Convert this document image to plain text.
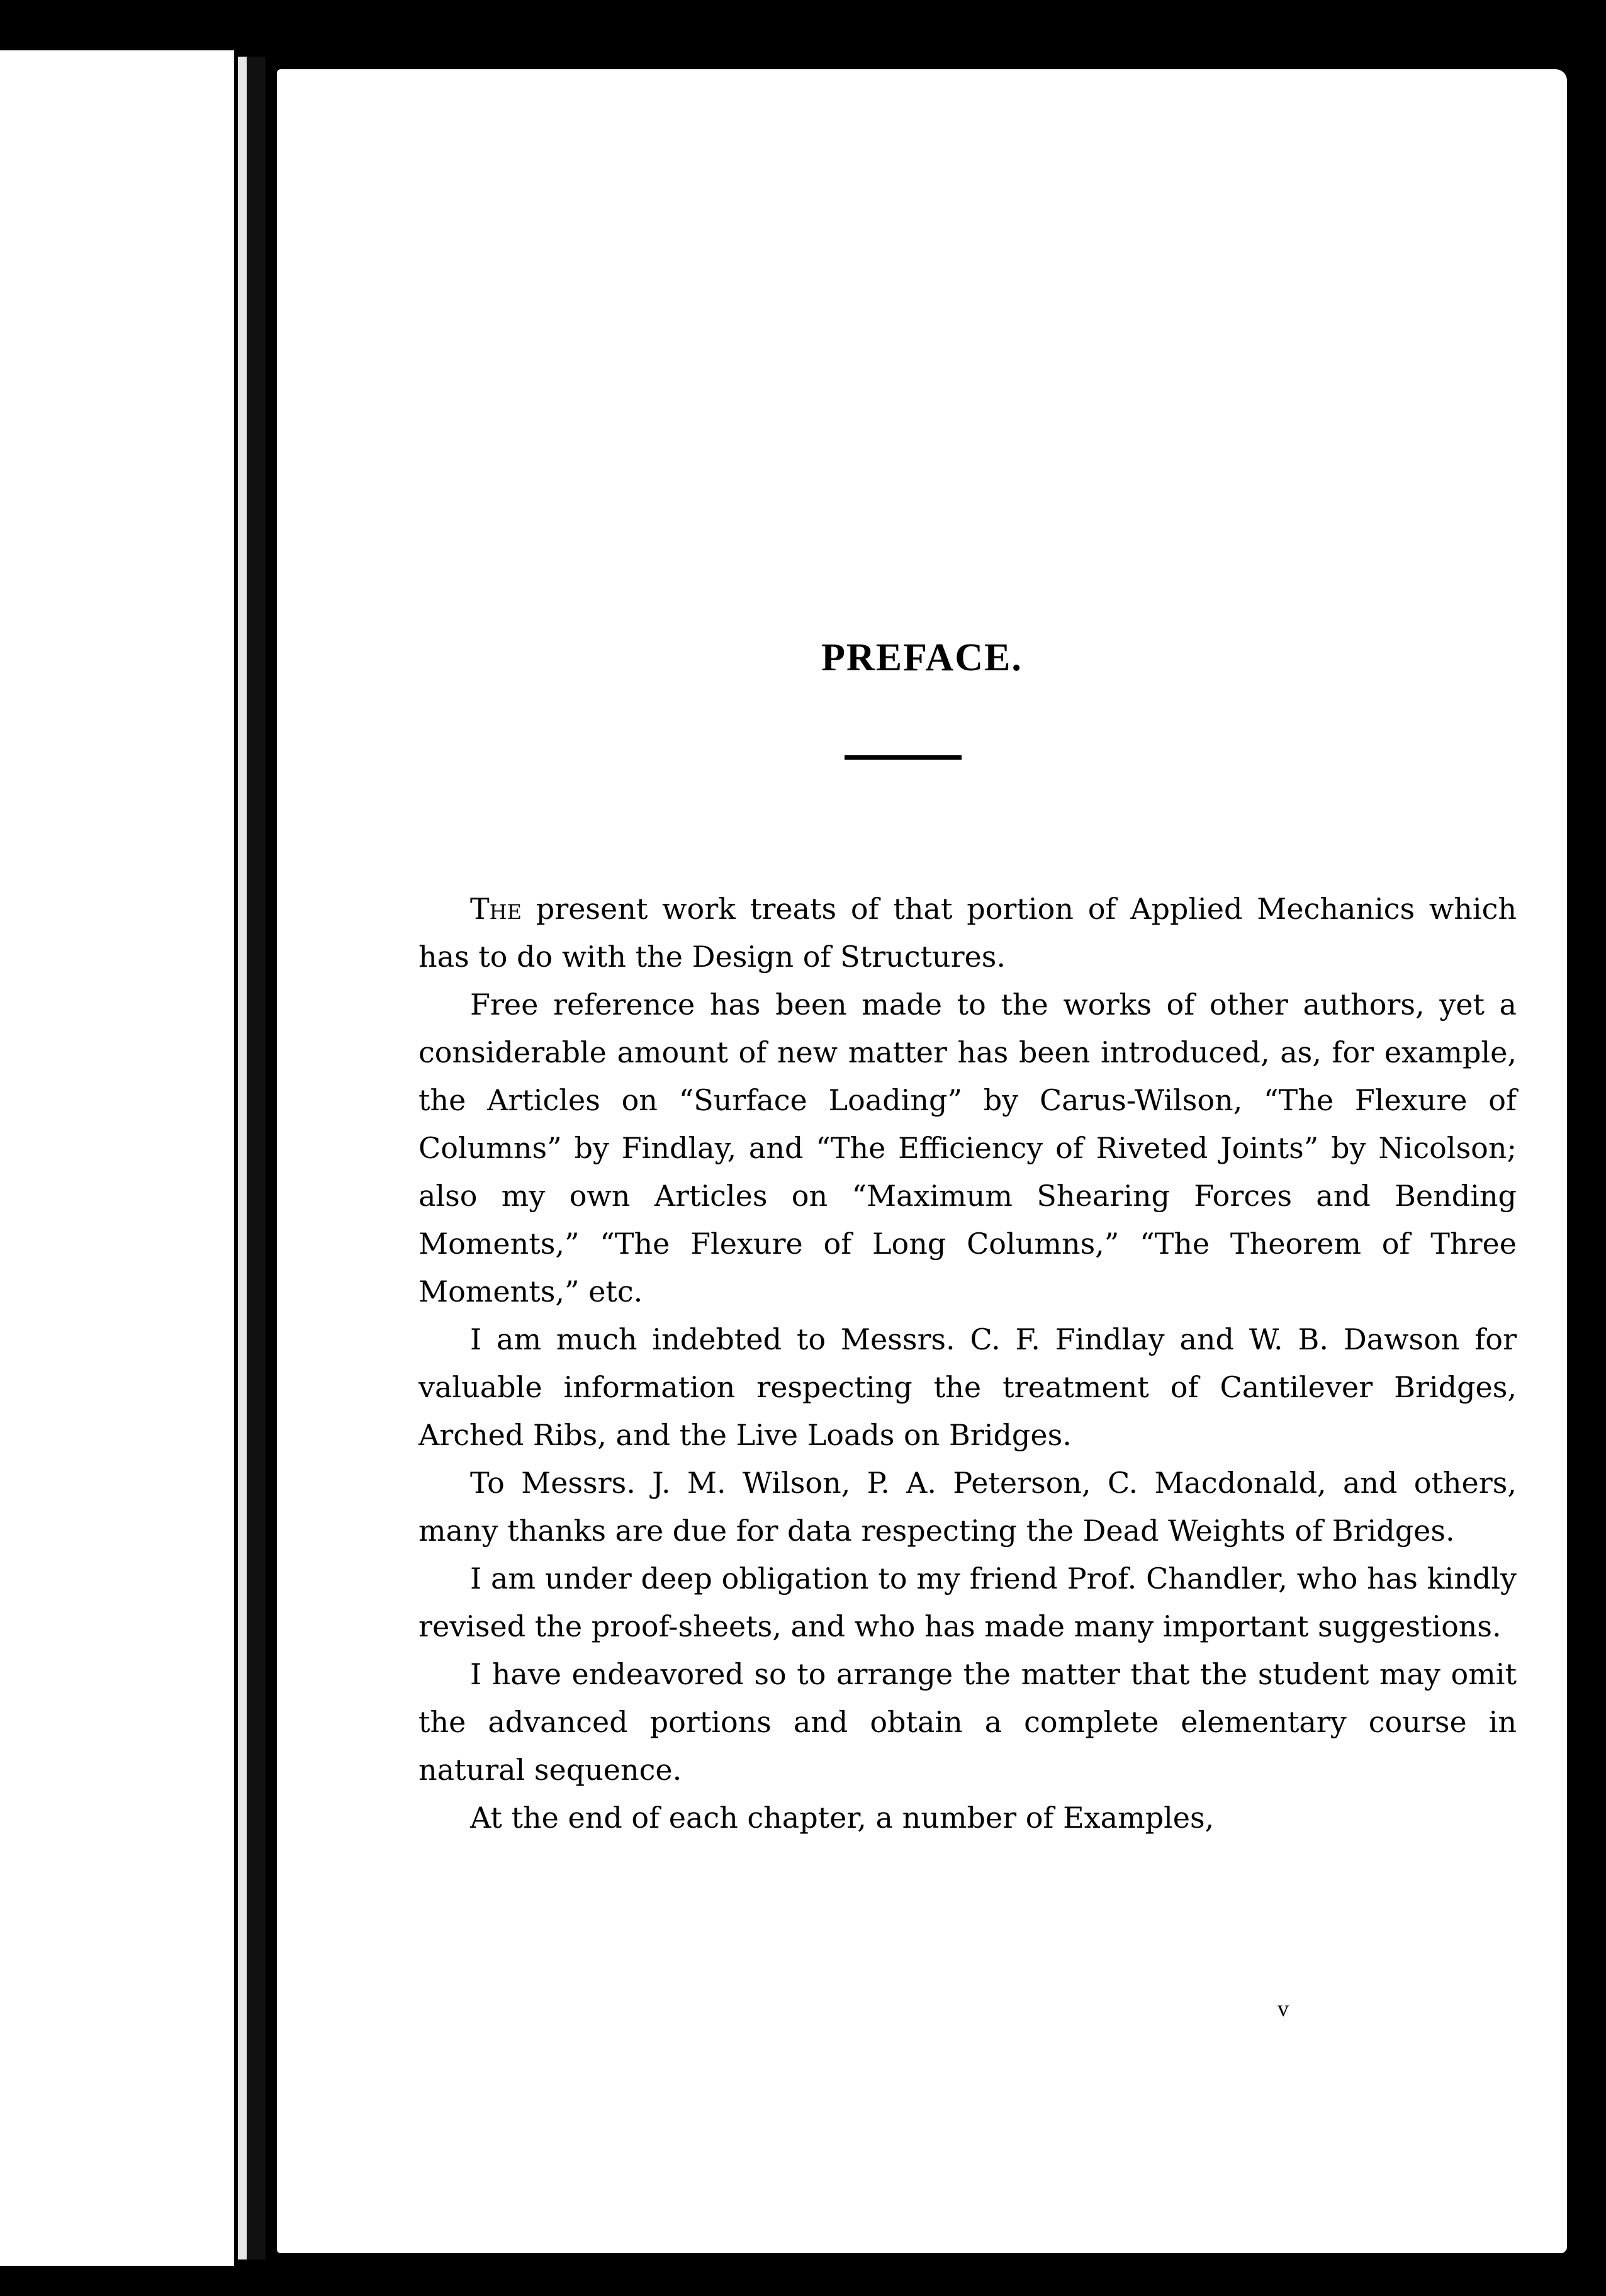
PREFACE.

The present work treats of that portion of Applied Mechanics which has to do with the Design of Structures.

Free reference has been made to the works of other authors, yet a considerable amount of new matter has been introduced, as, for example, the Articles on “Surface Loading” by Carus-Wilson, “The Flexure of Columns” by Findlay, and “The Efficiency of Riveted Joints” by Nicolson; also my own Articles on “Maximum Shearing Forces and Bending Moments,” “The Flexure of Long Columns,” “The Theorem of Three Moments,” etc.

I am much indebted to Messrs. C. F. Findlay and W. B. Dawson for valuable information respecting the treatment of Cantilever Bridges, Arched Ribs, and the Live Loads on Bridges.

To Messrs. J. M. Wilson, P. A. Peterson, C. Macdonald, and others, many thanks are due for data respecting the Dead Weights of Bridges.

I am under deep obligation to my friend Prof. Chandler, who has kindly revised the proof-sheets, and who has made many important suggestions.

I have endeavored so to arrange the matter that the student may omit the advanced portions and obtain a complete elementary course in natural sequence.

At the end of each chapter, a number of Examples,

v
